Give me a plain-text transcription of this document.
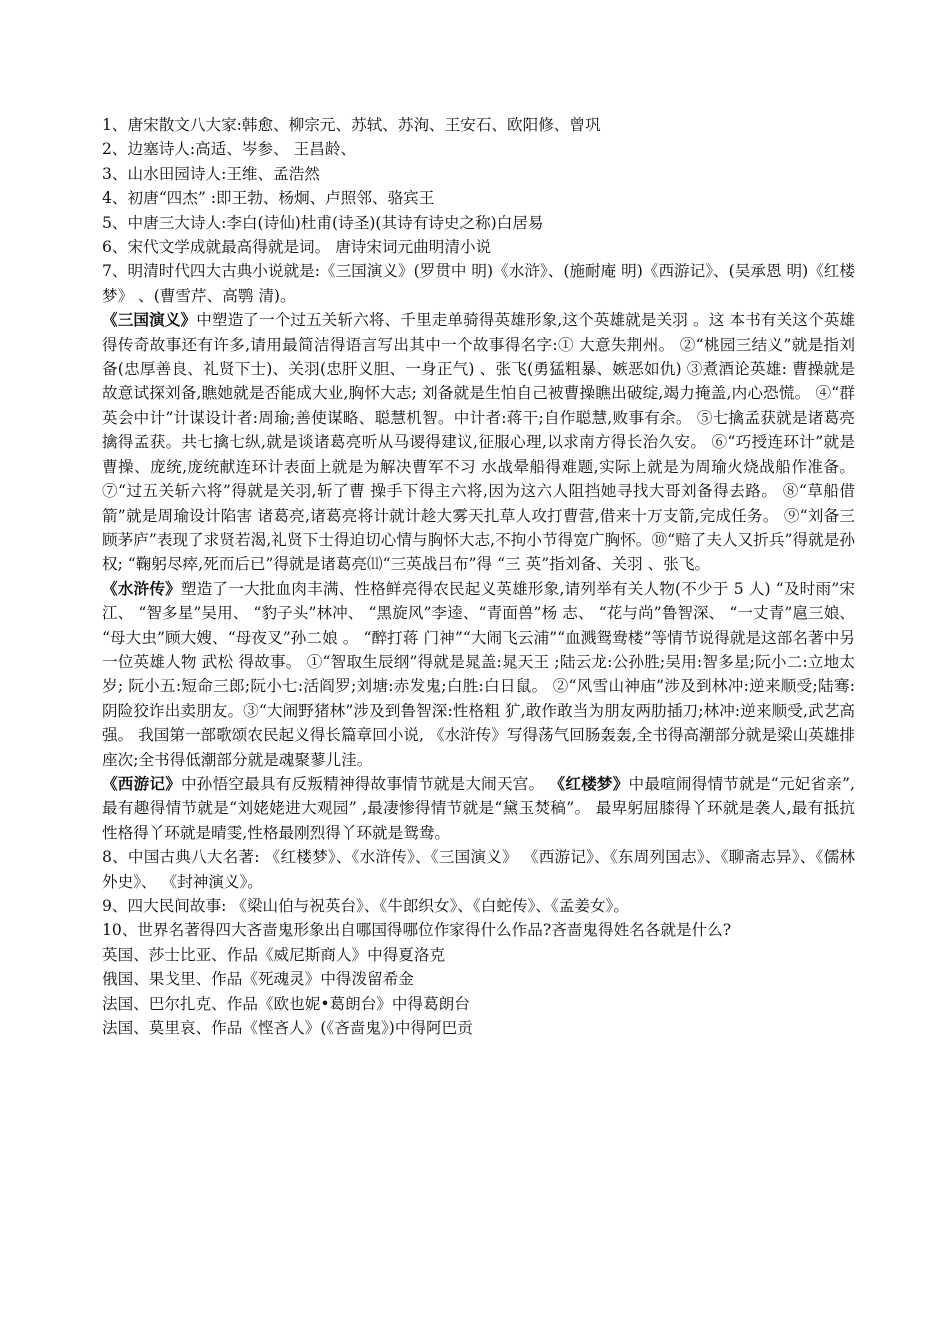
1、唐宋散文八大家:韩愈、柳宗元、苏轼、苏洵、王安石、欧阳修、曾巩

2、边塞诗人:高适、岑参、 王昌龄、

3、山水田园诗人:王维、孟浩然

4、初唐“四杰” :即王勃、杨炯、卢照邻、骆宾王

5、中唐三大诗人:李白(诗仙)杜甫(诗圣)(其诗有诗史之称)白居易

6、宋代文学成就最高得就是词。 唐诗宋词元曲明清小说

7、明清时代四大古典小说就是:《三国演义》(罗贯中 明)《水浒》、(施耐庵 明)《西游记》、(吴承恩 明)《红楼梦》 、(曹雪芹、高鹗 清)。

《三国演义》中塑造了一个过五关斩六将、千里走单骑得英雄形象,这个英雄就是关羽 。这 本书有关这个英雄得传奇故事还有许多,请用最简洁得语言写出其中一个故事得名字:① 大意失荆州。 ②“桃园三结义”就是指刘备(忠厚善良、礼贤下士)、关羽(忠肝义胆、一身正气) 、张飞(勇猛粗暴、嫉恶如仇) ③煮酒论英雄: 曹操就是故意试探刘备,瞧她就是否能成大业,胸怀大志; 刘备就是生怕自己被曹操瞧出破绽,竭力掩盖,内心恐慌。 ④“群英会中计”计谋设计者:周瑜;善使谋略、聪慧机智。中计者:蒋干;自作聪慧,败事有余。 ⑤七擒孟获就是诸葛亮擒得孟获。共七擒七纵,就是谈诸葛亮听从马谡得建议,征服心理,以求南方得长治久安。 ⑥“巧授连环计”就是曹操、庞统,庞统献连环计表面上就是为解决曹军不习 水战晕船得难题,实际上就是为周瑜火烧战船作准备。 ⑦“过五关斩六将”得就是关羽,斩了曹 操手下得主六将,因为这六人阻挡她寻找大哥刘备得去路。 ⑧“草船借箭”就是周瑜设计陷害 诸葛亮,诸葛亮将计就计趁大雾天扎草人攻打曹营,借来十万支箭,完成任务。 ⑨“刘备三 顾茅庐”表现了求贤若渴,礼贤下士得迫切心情与胸怀大志,不拘小节得宽广胸怀。⑩“赔了夫人又折兵”得就是孙权; “鞠躬尽瘁,死而后已”得就是诸葛亮⑾“三英战吕布”得 “三 英”指刘备、关羽 、张飞。

《水浒传》塑造了一大批血肉丰满、性格鲜亮得农民起义英雄形象,请列举有关人物(不少于 5 人) “及时雨”宋江、 “智多星”吴用、 “豹子头”林冲、 “黑旋风”李逵、“青面兽”杨 志、 “花与尚”鲁智深、 “一丈青”扈三娘、 “母大虫”顾大嫂、“母夜叉”孙二娘 。 “醉打蒋 门神”“大闹飞云浦”“血溅鸳鸯楼”等情节说得就是这部名著中另一位英雄人物 武松 得故事。 ①“智取生辰纲”得就是晁盖:晁天王 ;陆云龙:公孙胜;吴用:智多星;阮小二:立地太岁; 阮小五:短命三郎;阮小七:活阎罗;刘塘:赤发鬼;白胜:白日鼠。 ②“风雪山神庙”涉及到林冲:逆来顺受;陆骞:阴险狡诈出卖朋友。③“大闹野猪林”涉及到鲁智深:性格粗 犷,敢作敢当为朋友两肋插刀;林冲:逆来顺受,武艺高强。 我国第一部歌颂农民起义得长篇章回小说, 《水浒传》写得荡气回肠轰轰,全书得高潮部分就是梁山英雄排座次;全书得低潮部分就是魂聚蓼儿洼。

《西游记》中孙悟空最具有反叛精神得故事情节就是大闹天宫。 《红楼梦》中最喧闹得情节就是“元妃省亲”,最有趣得情节就是“刘姥姥进大观园” ,最凄惨得情节就是“黛玉焚稿”。 最卑躬屈膝得丫环就是袭人,最有抵抗性格得丫环就是晴雯,性格最刚烈得丫环就是鸳鸯。

8、中国古典八大名著: 《红楼梦》、《水浒传》、《三国演义》 《西游记》、《东周列国志》、《聊斋志异》、《儒林外史》、 《封神演义》。

9、四大民间故事: 《梁山伯与祝英台》、《牛郎织女》、《白蛇传》、《孟姜女》。

10、世界名著得四大吝啬鬼形象出自哪国得哪位作家得什么作品?吝啬鬼得姓名各就是什么?

英国、莎士比亚、作品《威尼斯商人》中得夏洛克

俄国、果戈里、作品《死魂灵》中得泼留希金

法国、巴尔扎克、作品《欧也妮•葛朗台》中得葛朗台

法国、莫里哀、作品《悭吝人》(《吝啬鬼》)中得阿巴贡
